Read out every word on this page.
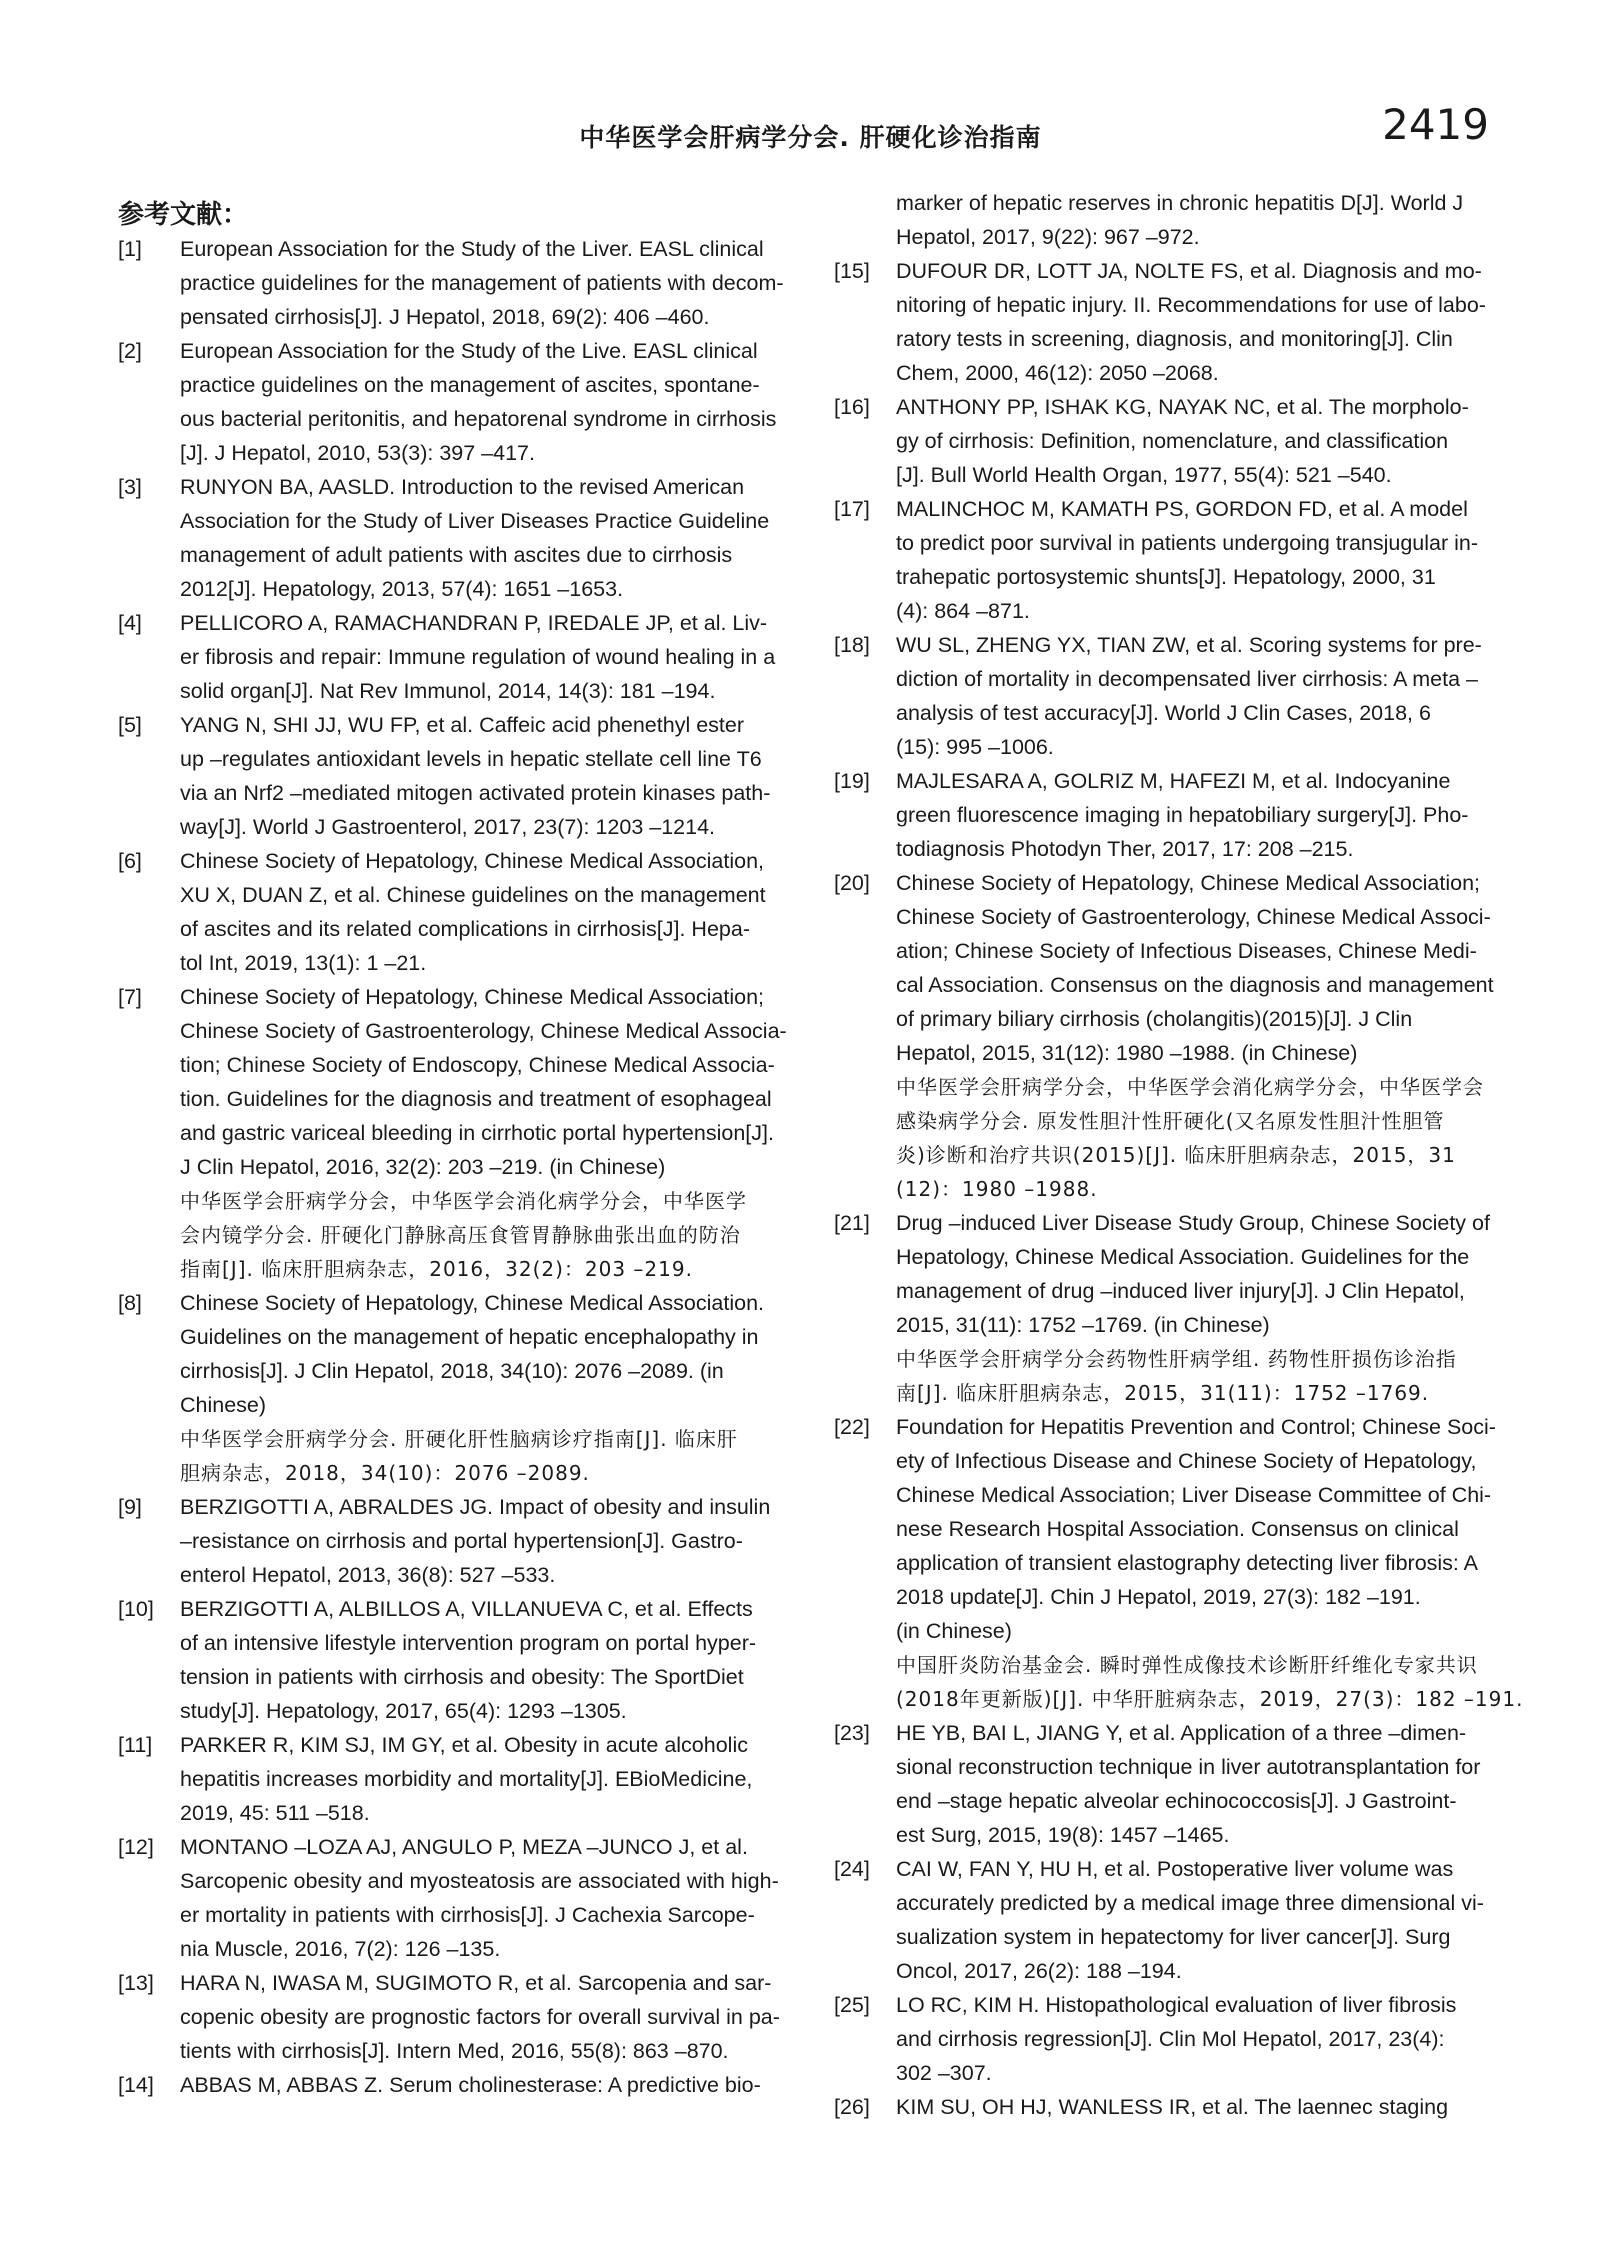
中华医学会肝病学分会. 肝硬化诊治指南	2419
参考文献：
[1]	European Association for the Study of the Liver. EASL clinical
practice guidelines for the management of patients with decom-
pensated cirrhosis[J]. J Hepatol, 2018, 69(2): 406 –460.
[2]	European Association for the Study of the Live. EASL clinical
practice guidelines on the management of ascites, spontane-
ous bacterial peritonitis, and hepatorenal syndrome in cirrhosis
[J]. J Hepatol, 2010, 53(3): 397 –417.
[3]	RUNYON BA, AASLD. Introduction to the revised American
Association for the Study of Liver Diseases Practice Guideline
management of adult patients with ascites due to cirrhosis
2012[J]. Hepatology, 2013, 57(4): 1651 –1653.
[4]	PELLICORO A, RAMACHANDRAN P, IREDALE JP, et al. Liv-
er fibrosis and repair: Immune regulation of wound healing in a
solid organ[J]. Nat Rev Immunol, 2014, 14(3): 181 –194.
[5]	YANG N, SHI JJ, WU FP, et al. Caffeic acid phenethyl ester
up –regulates antioxidant levels in hepatic stellate cell line T6
via an Nrf2 –mediated mitogen activated protein kinases path-
way[J]. World J Gastroenterol, 2017, 23(7): 1203 –1214.
[6]	Chinese Society of Hepatology, Chinese Medical Association,
XU X, DUAN Z, et al. Chinese guidelines on the management
of ascites and its related complications in cirrhosis[J]. Hepa-
tol Int, 2019, 13(1): 1 –21.
[7]	Chinese Society of Hepatology, Chinese Medical Association;
Chinese Society of Gastroenterology, Chinese Medical Associa-
tion; Chinese Society of Endoscopy, Chinese Medical Associa-
tion. Guidelines for the diagnosis and treatment of esophageal
and gastric variceal bleeding in cirrhotic portal hypertension[J].
J Clin Hepatol, 2016, 32(2): 203 –219. (in Chinese)
中华医学会肝病学分会，中华医学会消化病学分会，中华医学
会内镜学分会. 肝硬化门静脉高压食管胃静脉曲张出血的防治
指南[J]. 临床肝胆病杂志，2016，32(2)：203 –219.
[8]	Chinese Society of Hepatology, Chinese Medical Association.
Guidelines on the management of hepatic encephalopathy in
cirrhosis[J]. J Clin Hepatol, 2018, 34(10): 2076 –2089. (in
Chinese)
中华医学会肝病学分会. 肝硬化肝性脑病诊疗指南[J]. 临床肝
胆病杂志，2018，34(10)：2076 –2089.
[9]	BERZIGOTTI A, ABRALDES JG. Impact of obesity and insulin
–resistance on cirrhosis and portal hypertension[J]. Gastro-
enterol Hepatol, 2013, 36(8): 527 –533.
[10]	BERZIGOTTI A, ALBILLOS A, VILLANUEVA C, et al. Effects
of an intensive lifestyle intervention program on portal hyper-
tension in patients with cirrhosis and obesity: The SportDiet
study[J]. Hepatology, 2017, 65(4): 1293 –1305.
[11]	PARKER R, KIM SJ, IM GY, et al. Obesity in acute alcoholic
hepatitis increases morbidity and mortality[J]. EBioMedicine,
2019, 45: 511 –518.
[12]	MONTANO –LOZA AJ, ANGULO P, MEZA –JUNCO J, et al.
Sarcopenic obesity and myosteatosis are associated with high-
er mortality in patients with cirrhosis[J]. J Cachexia Sarcope-
nia Muscle, 2016, 7(2): 126 –135.
[13]	HARA N, IWASA M, SUGIMOTO R, et al. Sarcopenia and sar-
copenic obesity are prognostic factors for overall survival in pa-
tients with cirrhosis[J]. Intern Med, 2016, 55(8): 863 –870.
[14]	ABBAS M, ABBAS Z. Serum cholinesterase: A predictive bio-
marker of hepatic reserves in chronic hepatitis D[J]. World J
Hepatol, 2017, 9(22): 967 –972.
[15]	DUFOUR DR, LOTT JA, NOLTE FS, et al. Diagnosis and mo-
nitoring of hepatic injury. II. Recommendations for use of labo-
ratory tests in screening, diagnosis, and monitoring[J]. Clin
Chem, 2000, 46(12): 2050 –2068.
[16]	ANTHONY PP, ISHAK KG, NAYAK NC, et al. The morpholo-
gy of cirrhosis: Definition, nomenclature, and classification
[J]. Bull World Health Organ, 1977, 55(4): 521 –540.
[17]	MALINCHOC M, KAMATH PS, GORDON FD, et al. A model
to predict poor survival in patients undergoing transjugular in-
trahepatic portosystemic shunts[J]. Hepatology, 2000, 31
(4): 864 –871.
[18]	WU SL, ZHENG YX, TIAN ZW, et al. Scoring systems for pre-
diction of mortality in decompensated liver cirrhosis: A meta –
analysis of test accuracy[J]. World J Clin Cases, 2018, 6
(15): 995 –1006.
[19]	MAJLESARA A, GOLRIZ M, HAFEZI M, et al. Indocyanine
green fluorescence imaging in hepatobiliary surgery[J]. Pho-
todiagnosis Photodyn Ther, 2017, 17: 208 –215.
[20]	Chinese Society of Hepatology, Chinese Medical Association;
Chinese Society of Gastroenterology, Chinese Medical Associ-
ation; Chinese Society of Infectious Diseases, Chinese Medi-
cal Association. Consensus on the diagnosis and management
of primary biliary cirrhosis (cholangitis)(2015)[J]. J Clin
Hepatol, 2015, 31(12): 1980 –1988. (in Chinese)
中华医学会肝病学分会，中华医学会消化病学分会，中华医学会
感染病学分会. 原发性胆汁性肝硬化(又名原发性胆汁性胆管
炎)诊断和治疗共识(2015)[J]. 临床肝胆病杂志，2015，31
(12)：1980 –1988.
[21]	Drug –induced Liver Disease Study Group, Chinese Society of
Hepatology, Chinese Medical Association. Guidelines for the
management of drug –induced liver injury[J]. J Clin Hepatol,
2015, 31(11): 1752 –1769. (in Chinese)
中华医学会肝病学分会药物性肝病学组. 药物性肝损伤诊治指
南[J]. 临床肝胆病杂志，2015，31(11)：1752 –1769.
[22]	Foundation for Hepatitis Prevention and Control; Chinese Soci-
ety of Infectious Disease and Chinese Society of Hepatology,
Chinese Medical Association; Liver Disease Committee of Chi-
nese Research Hospital Association. Consensus on clinical
application of transient elastography detecting liver fibrosis: A
2018 update[J]. Chin J Hepatol, 2019, 27(3): 182 –191.
(in Chinese)
中国肝炎防治基金会. 瞬时弹性成像技术诊断肝纤维化专家共识
(2018年更新版)[J]. 中华肝脏病杂志，2019，27(3)：182 –191.
[23]	HE YB, BAI L, JIANG Y, et al. Application of a three –dimen-
sional reconstruction technique in liver autotransplantation for
end –stage hepatic alveolar echinococcosis[J]. J Gastroint-
est Surg, 2015, 19(8): 1457 –1465.
[24]	CAI W, FAN Y, HU H, et al. Postoperative liver volume was
accurately predicted by a medical image three dimensional vi-
sualization system in hepatectomy for liver cancer[J]. Surg
Oncol, 2017, 26(2): 188 –194.
[25]	LO RC, KIM H. Histopathological evaluation of liver fibrosis
and cirrhosis regression[J]. Clin Mol Hepatol, 2017, 23(4):
302 –307.
[26]	KIM SU, OH HJ, WANLESS IR, et al. The laennec staging
